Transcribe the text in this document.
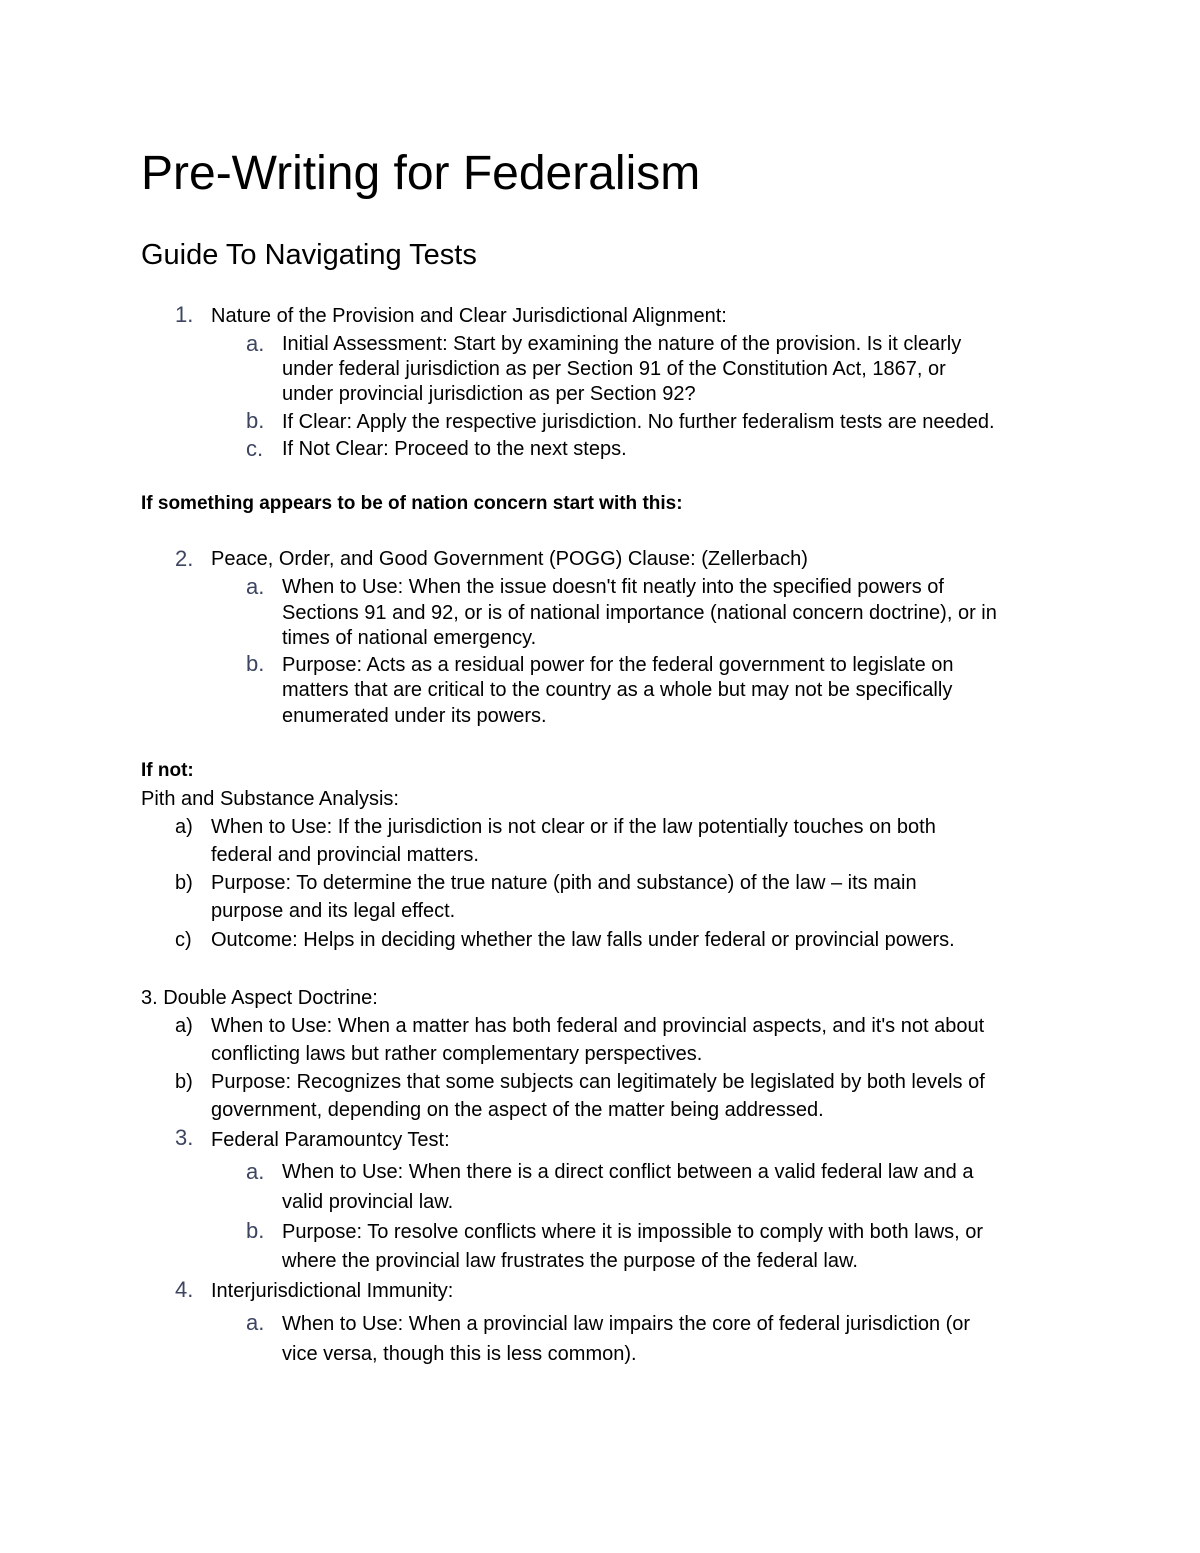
Pre-Writing for Federalism
Guide To Navigating Tests
1. Nature of the Provision and Clear Jurisdictional Alignment:
a. Initial Assessment: Start by examining the nature of the provision. Is it clearly
under federal jurisdiction as per Section 91 of the Constitution Act, 1867, or
under provincial jurisdiction as per Section 92?
b. If Clear: Apply the respective jurisdiction. No further federalism tests are needed.
c. If Not Clear: Proceed to the next steps.
If something appears to be of nation concern start with this:
2. Peace, Order, and Good Government (POGG) Clause: (Zellerbach)
a. When to Use: When the issue doesn't fit neatly into the specified powers of
Sections 91 and 92, or is of national importance (national concern doctrine), or in
times of national emergency.
b. Purpose: Acts as a residual power for the federal government to legislate on
matters that are critical to the country as a whole but may not be specifically
enumerated under its powers.
If not:
Pith and Substance Analysis:
a) When to Use: If the jurisdiction is not clear or if the law potentially touches on both
federal and provincial matters.
b) Purpose: To determine the true nature (pith and substance) of the law – its main
purpose and its legal effect.
c) Outcome: Helps in deciding whether the law falls under federal or provincial powers.
3. Double Aspect Doctrine:
a) When to Use: When a matter has both federal and provincial aspects, and it's not about
conflicting laws but rather complementary perspectives.
b) Purpose: Recognizes that some subjects can legitimately be legislated by both levels of
government, depending on the aspect of the matter being addressed.
3. Federal Paramountcy Test:
a. When to Use: When there is a direct conflict between a valid federal law and a
valid provincial law.
b. Purpose: To resolve conflicts where it is impossible to comply with both laws, or
where the provincial law frustrates the purpose of the federal law.
4. Interjurisdictional Immunity:
a. When to Use: When a provincial law impairs the core of federal jurisdiction (or
vice versa, though this is less common).
